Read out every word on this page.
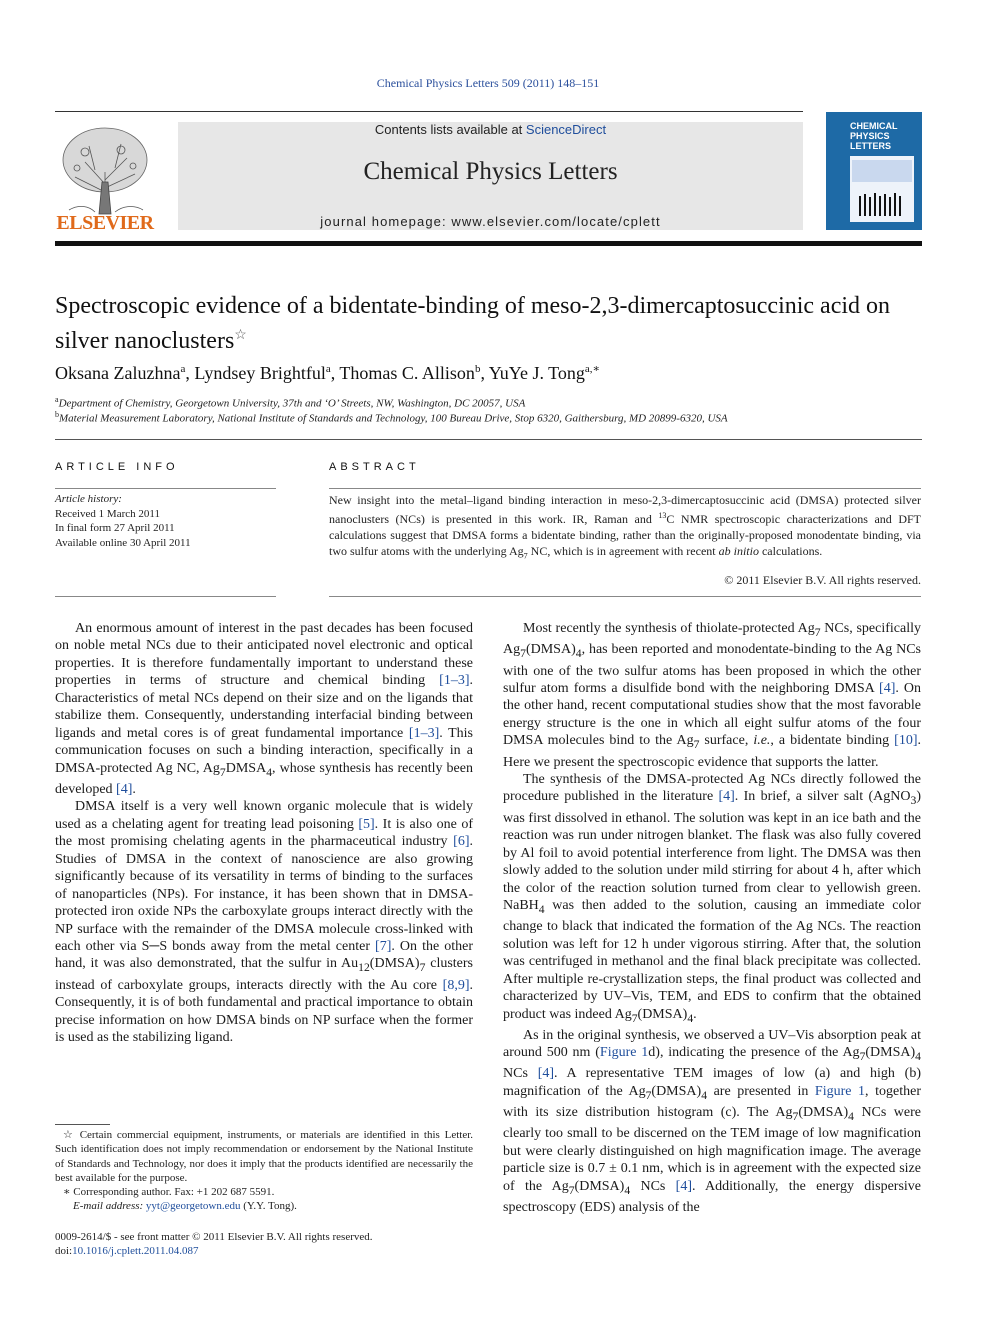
Chemical Physics Letters 509 (2011) 148–151
ELSEVIER
Contents lists available at ScienceDirect
Chemical Physics Letters
journal homepage: www.elsevier.com/locate/cplett
CHEMICAL
PHYSICS
LETTERS
Spectroscopic evidence of a bidentate-binding of meso-2,3-dimercaptosuccinic acid on silver nanoclusters☆
Oksana Zaluzhna$^a$, Lyndsey Brightful$^a$, Thomas C. Allison$^b$, YuYe J. Tong$^{a,∗}$
$^a$Department of Chemistry, Georgetown University, 37th and ‘O’ Streets, NW, Washington, DC 20057, USA
$^b$Material Measurement Laboratory, National Institute of Standards and Technology, 100 Bureau Drive, Stop 6320, Gaithersburg, MD 20899-6320, USA
ARTICLE INFO
Article history:
Received 1 March 2011
In final form 27 April 2011
Available online 30 April 2011
ABSTRACT
New insight into the metal–ligand binding interaction in meso-2,3-dimercaptosuccinic acid (DMSA) protected silver nanoclusters (NCs) is presented in this work. IR, Raman and $^{13}$C NMR spectroscopic characterizations and DFT calculations suggest that DMSA forms a bidentate binding, rather than the originally-proposed monodentate binding, via two sulfur atoms with the underlying $Ag_7$ NC, which is in agreement with recent ab initio calculations.
© 2011 Elsevier B.V. All rights reserved.

An enormous amount of interest in the past decades has been focused on noble metal NCs due to their anticipated novel electronic and optical properties. It is therefore fundamentally important to understand these properties in terms of structure and chemical binding [1–3]. Characteristics of metal NCs depend on their size and on the ligands that stabilize them. Consequently, understanding interfacial binding between ligands and metal cores is of great fundamental importance [1–3]. This communication focuses on such a binding interaction, specifically in a DMSA-protected Ag NC, $Ag_7DMSA_4$, whose synthesis has recently been developed [4].

DMSA itself is a very well known organic molecule that is widely used as a chelating agent for treating lead poisoning [5]. It is also one of the most promising chelating agents in the pharmaceutical industry [6]. Studies of DMSA in the context of nanoscience are also growing significantly because of its versatility in terms of binding to the surfaces of nanoparticles (NPs). For instance, it has been shown that in DMSA-protected iron oxide NPs the carboxylate groups interact directly with the NP surface with the remainder of the DMSA molecule cross-linked with each other via S─S bonds away from the metal center [7]. On the other hand, it was also demonstrated, that the sulfur in $Au_{12}(DMSA)_7$ clusters instead of carboxylate groups, interacts directly with the Au core [8,9]. Consequently, it is of both fundamental and practical importance to obtain precise information on how DMSA binds on NP surface when the former is used as the stabilizing ligand.

Most recently the synthesis of thiolate-protected $Ag_7$ NCs, specifically $Ag_7(DMSA)_4$, has been reported and monodentate-binding to the Ag NCs with one of the two sulfur atoms has been proposed in which the other sulfur atom forms a disulfide bond with the neighboring DMSA [4]. On the other hand, recent computational studies show that the most favorable energy structure is the one in which all eight sulfur atoms of the four DMSA molecules bind to the $Ag_7$ surface, i.e., a bidentate binding [10]. Here we present the spectroscopic evidence that supports the latter.

The synthesis of the DMSA-protected Ag NCs directly followed the procedure published in the literature [4]. In brief, a silver salt (AgNO$_3$) was first dissolved in ethanol. The solution was kept in an ice bath and the reaction was run under nitrogen blanket. The flask was also fully covered by Al foil to avoid potential interference from light. The DMSA was then slowly added to the solution under mild stirring for about 4 h, after which the color of the reaction solution turned from clear to yellowish green. NaBH$_4$ was then added to the solution, causing an immediate color change to black that indicated the formation of the Ag NCs. The reaction solution was left for 12 h under vigorous stirring. After that, the solution was centrifuged in methanol and the final black precipitate was collected. After multiple re-crystallization steps, the final product was collected and characterized by UV–Vis, TEM, and EDS to confirm that the obtained product was indeed $Ag_7(DMSA)_4$.

As in the original synthesis, we observed a UV–Vis absorption peak at around 500 nm (Figure 1d), indicating the presence of the $Ag_7(DMSA)_4$ NCs [4]. A representative TEM images of low (a) and high (b) magnification of the $Ag_7(DMSA)_4$ are presented in Figure 1, together with its size distribution histogram (c). The $Ag_7(DMSA)_4$ NCs were clearly too small to be discerned on the TEM image of low magnification but were clearly distinguished on high magnification image. The average particle size is 0.7 ± 0.1 nm, which is in agreement with the expected size of the $Ag_7(DMSA)_4$ NCs [4]. Additionally, the energy dispersive spectroscopy (EDS) analysis of the

☆ Certain commercial equipment, instruments, or materials are identified in this Letter. Such identification does not imply recommendation or endorsement by the National Institute of Standards and Technology, nor does it imply that the products identified are necessarily the best available for the purpose.

∗ Corresponding author. Fax: +1 202 687 5591.

E-mail address: yyt@georgetown.edu (Y.Y. Tong).

0009-2614/$ - see front matter © 2011 Elsevier B.V. All rights reserved.
doi:10.1016/j.cplett.2011.04.087
